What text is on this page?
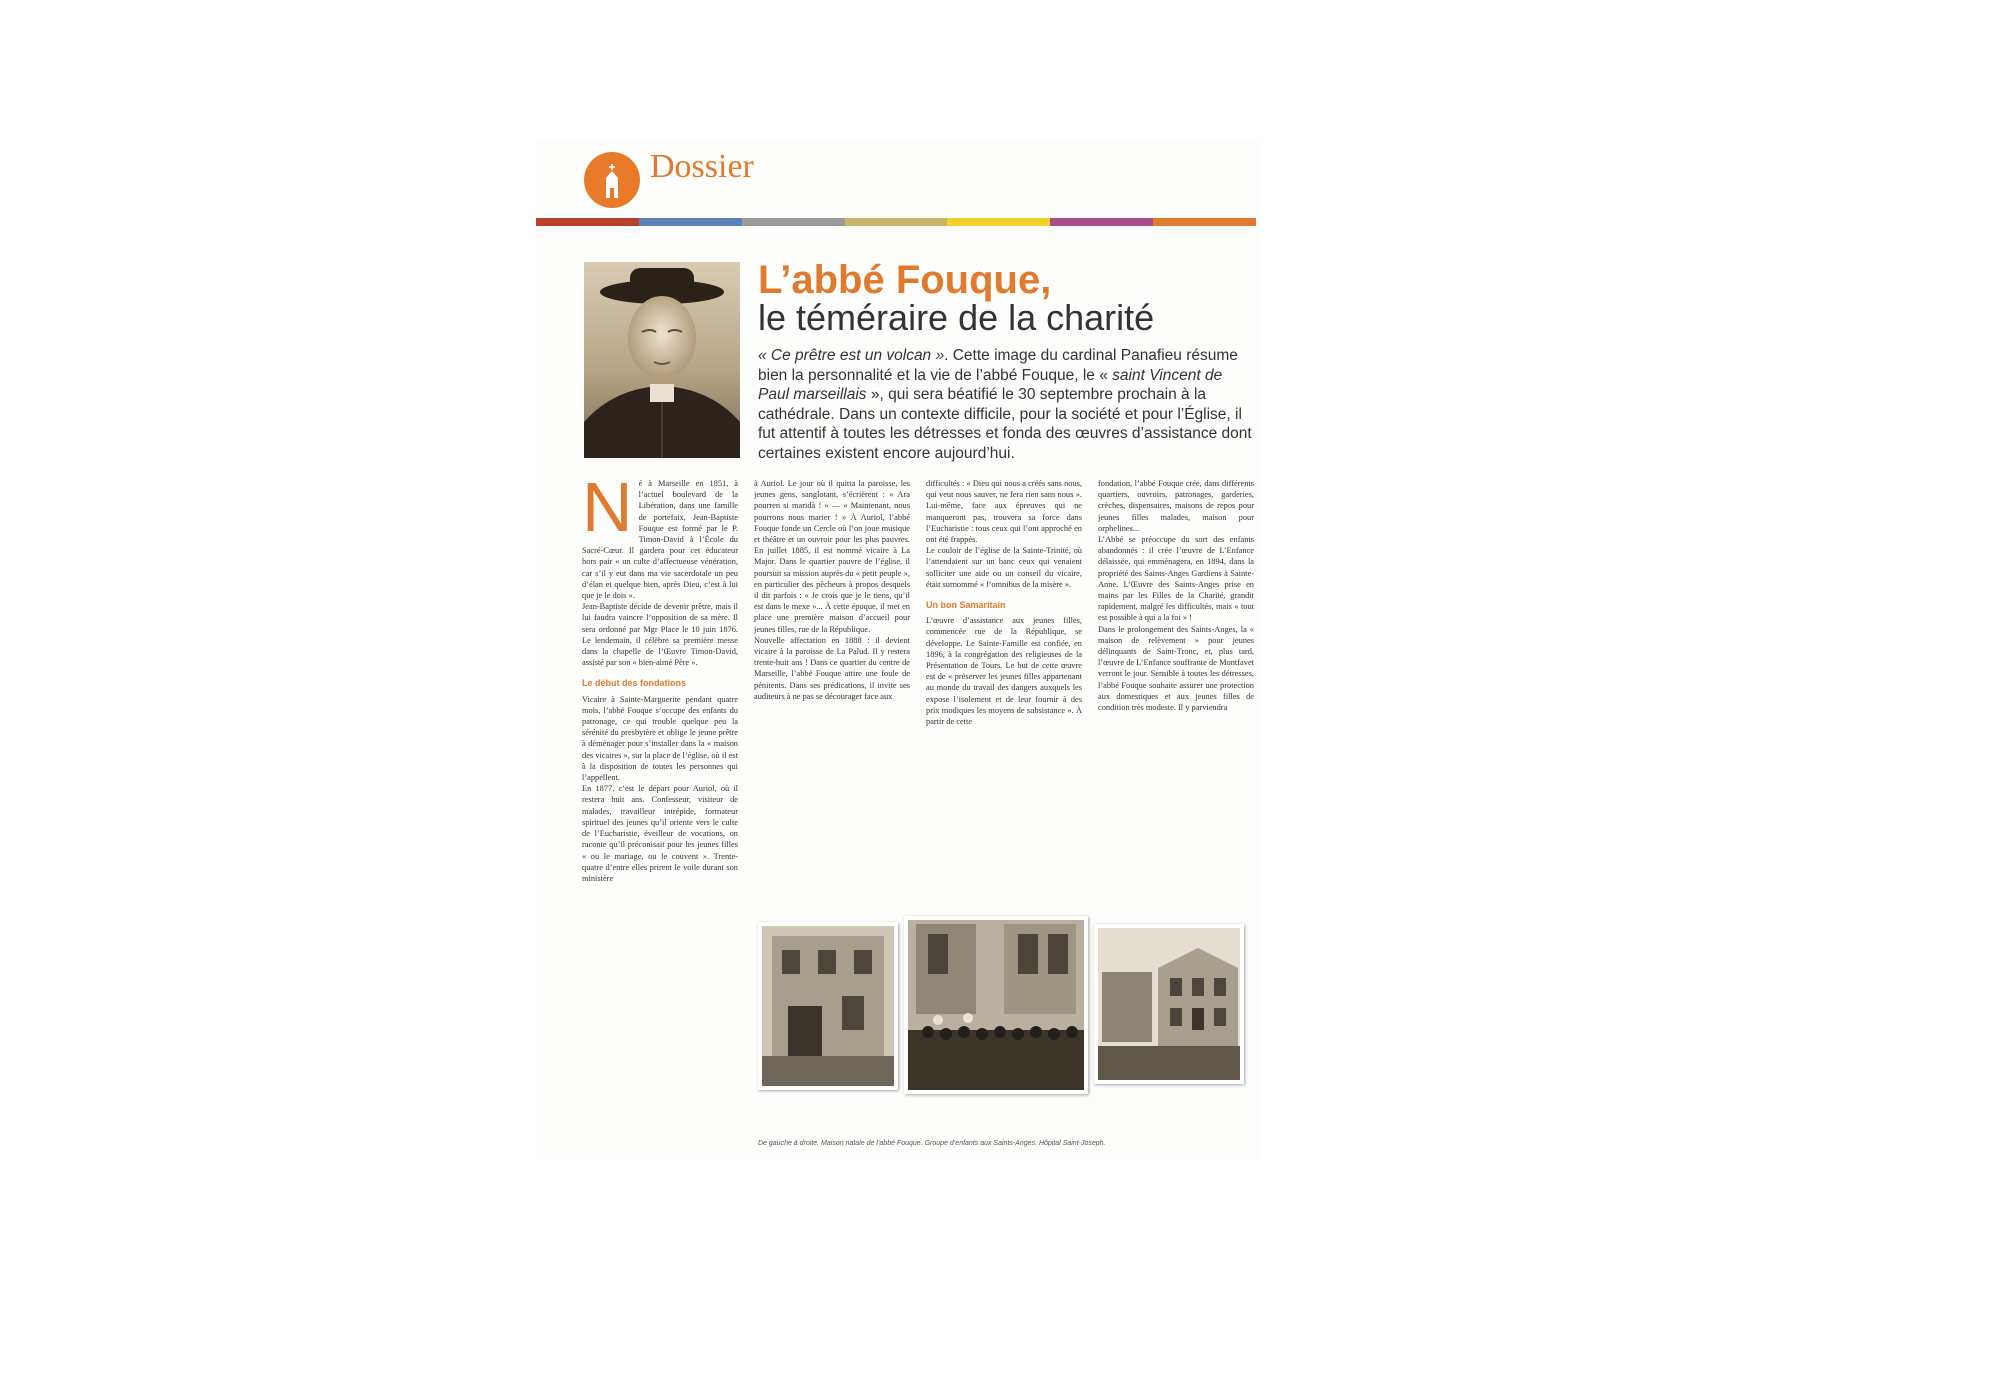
Dossier
L’abbé Fouque,
le téméraire de la charité
« Ce prêtre est un volcan ». Cette image du cardinal Panafieu résume bien la personnalité et la vie de l’abbé Fouque, le « saint Vincent de Paul marseillais », qui sera béatifié le 30 septembre prochain à la cathédrale. Dans un contexte difficile, pour la société et pour l’Église, il fut attentif à toutes les détresses et fonda des œuvres d’assistance dont certaines existent encore aujourd’hui.
N é à Marseille en 1851, à l’actuel boulevard de la Libération, dans une famille de portefaix, Jean-Baptiste Fouque est formé par le P. Timon-David à l’École du Sacré-Cœur. Il gardera pour cet éducateur hors pair « un culte d’affectueuse vénération, car s’il y eut dans ma vie sacerdotale un peu d’élan et quelque bien, après Dieu, c’est à lui que je le dois ».

Jean-Baptiste décide de devenir prêtre, mais il lui faudra vaincre l’opposition de sa mère. Il sera ordonné par Mgr Place le 10 juin 1876. Le lendemain, il célèbre sa première messe dans la chapelle de l’Œuvre Timon-David, assisté par son « bien-aimé Père ».

Le début des fondations

Vicaire à Sainte-Marguerite pendant quatre mois, l’abbé Fouque s’occupe des enfants du patronage, ce qui trouble quelque peu la sérénité du presbytère et oblige le jeune prêtre à déménager pour s’installer dans la « maison des vicaires », sur la place de l’église, où il est à la disposition de toutes les personnes qui l’appellent.

En 1877, c’est le départ pour Auriol, où il restera huit ans. Confesseur, visiteur de malades, travailleur intrépide, formateur spirituel des jeunes qu’il oriente vers le culte de l’Eucharistie, éveilleur de vocations, on raconte qu’il préconisait pour les jeunes filles « ou le mariage, ou le couvent ». Trente-quatre d’entre elles prirent le voile durant son ministère

à Auriol. Le jour où il quitta la paroisse, les jeunes gens, sanglotant, s’écrièrent : « Ara pourren si maridà ! » — « Maintenant, nous pourrons nous marier ! » À Auriol, l’abbé Fouque fonde un Cercle où l’on joue musique et théâtre et un ouvroir pour les plus pauvres. En juillet 1885, il est nommé vicaire à La Major. Dans le quartier pauvre de l’église, il poursuit sa mission auprès du « petit peuple », en particulier des pêcheurs à propos desquels il dit parfois : « Je crois que je le tiens, qu’il est dans le mexe »... À cette époque, il met en place une première maison d’accueil pour jeunes filles, rue de la République.

Nouvelle affectation en 1888 : il devient vicaire à la paroisse de La Palud. Il y restera trente-huit ans ! Dans ce quartier du centre de Marseille, l’abbé Fouque attire une foule de pénitents. Dans ses prédications, il invite ses auditeurs à ne pas se décourager face aux

difficultés : « Dieu qui nous a créés sans nous, qui veut nous sauver, ne fera rien sans nous ». Lui-même, face aux épreuves qui ne manqueront pas, trouvera sa force dans l’Eucharistie : tous ceux qui l’ont approché en ont été frappés.

Le couloir de l’église de la Sainte-Trinité, où l’attendaient sur un banc ceux qui venaient solliciter une aide ou un conseil du vicaire, était surnommé « l’omnibus de la misère ».

Un bon Samaritain

L’œuvre d’assistance aux jeunes filles, commencée rue de la République, se développe. Le Sainte-Famille est confiée, en 1896, à la congrégation des religieuses de la Présentation de Tours. Le but de cette œuvre est de « préserver les jeunes filles appartenant au monde du travail des dangers auxquels les expose l’isolement et de leur fournir à des prix modiques les moyens de subsistance ». À partir de cette

fondation, l’abbé Fouque crée, dans différents quartiers, ouvroirs, patronages, garderies, crèches, dispensaires, maisons de repos pour jeunes filles malades, maison pour orphelines...

L’Abbé se préoccupe du sort des enfants abandonnés : il crée l’œuvre de L’Enfance délaissée, qui emménagera, en 1894, dans la propriété des Saints-Anges Gardiens à Sainte-Anne. L’Œuvre des Saints-Anges prise en mains par les Filles de la Charité, grandit rapidement, malgré les difficultés, mais « tout est possible à qui a la foi » !

Dans le prolongement des Saints-Anges, la « maison de relèvement » pour jeunes délinquants de Saint-Tronc, et, plus tard, l’œuvre de L’Enfance souffrante de Montfavet verront le jour. Sensible à toutes les détresses, l’abbé Fouque souhaite assurer une protection aux domestiques et aux jeunes filles de condition très modeste. Il y parviendra

De gauche à droite. Maison natale de l’abbé Fouque. Groupe d’enfants aux Saints-Anges. Hôpital Saint-Joseph.
